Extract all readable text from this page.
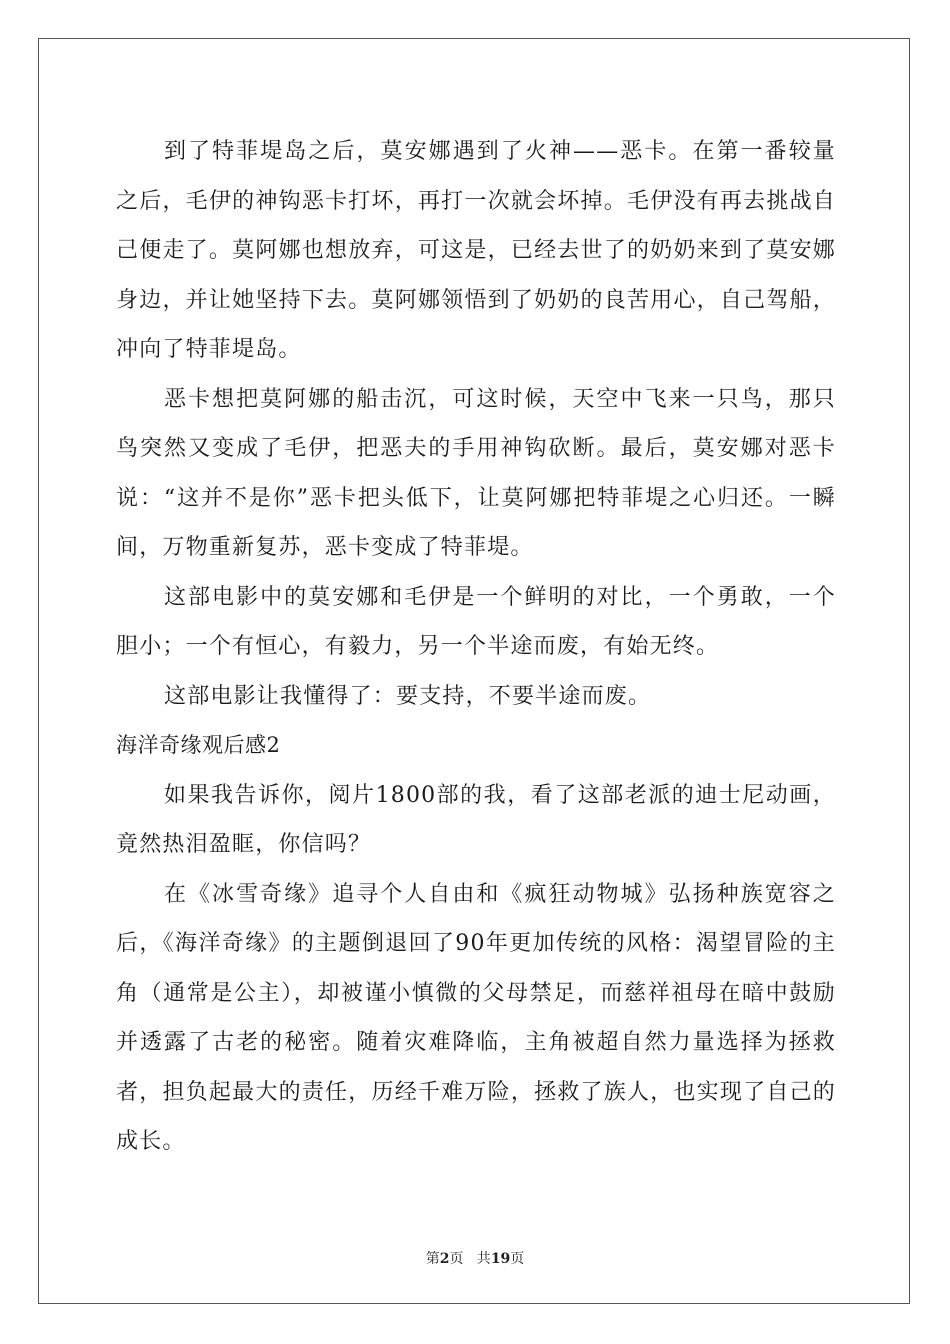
到了特菲堤岛之后，莫安娜遇到了火神——恶卡。在第一番较量之后，毛伊的神钩恶卡打坏，再打一次就会坏掉。毛伊没有再去挑战自己便走了。莫阿娜也想放弃，可这是，已经去世了的奶奶来到了莫安娜身边，并让她坚持下去。莫阿娜领悟到了奶奶的良苦用心，自己驾船，冲向了特菲堤岛。

恶卡想把莫阿娜的船击沉，可这时候，天空中飞来一只鸟，那只鸟突然又变成了毛伊，把恶夫的手用神钩砍断。最后，莫安娜对恶卡说：“这并不是你”恶卡把头低下，让莫阿娜把特菲堤之心归还。一瞬间，万物重新复苏，恶卡变成了特菲堤。

这部电影中的莫安娜和毛伊是一个鲜明的对比，一个勇敢，一个胆小；一个有恒心，有毅力，另一个半途而废，有始无终。

这部电影让我懂得了：要支持，不要半途而废。

海洋奇缘观后感2

如果我告诉你，阅片1800部的我，看了这部老派的迪士尼动画，竟然热泪盈眶，你信吗？

在《冰雪奇缘》追寻个人自由和《疯狂动物城》弘扬种族宽容之后，《海洋奇缘》的主题倒退回了90年更加传统的风格：渴望冒险的主角（通常是公主），却被谨小慎微的父母禁足，而慈祥祖母在暗中鼓励并透露了古老的秘密。随着灾难降临，主角被超自然力量选择为拯救者，担负起最大的责任，历经千难万险，拯救了族人，也实现了自己的成长。

第2页   共19页
